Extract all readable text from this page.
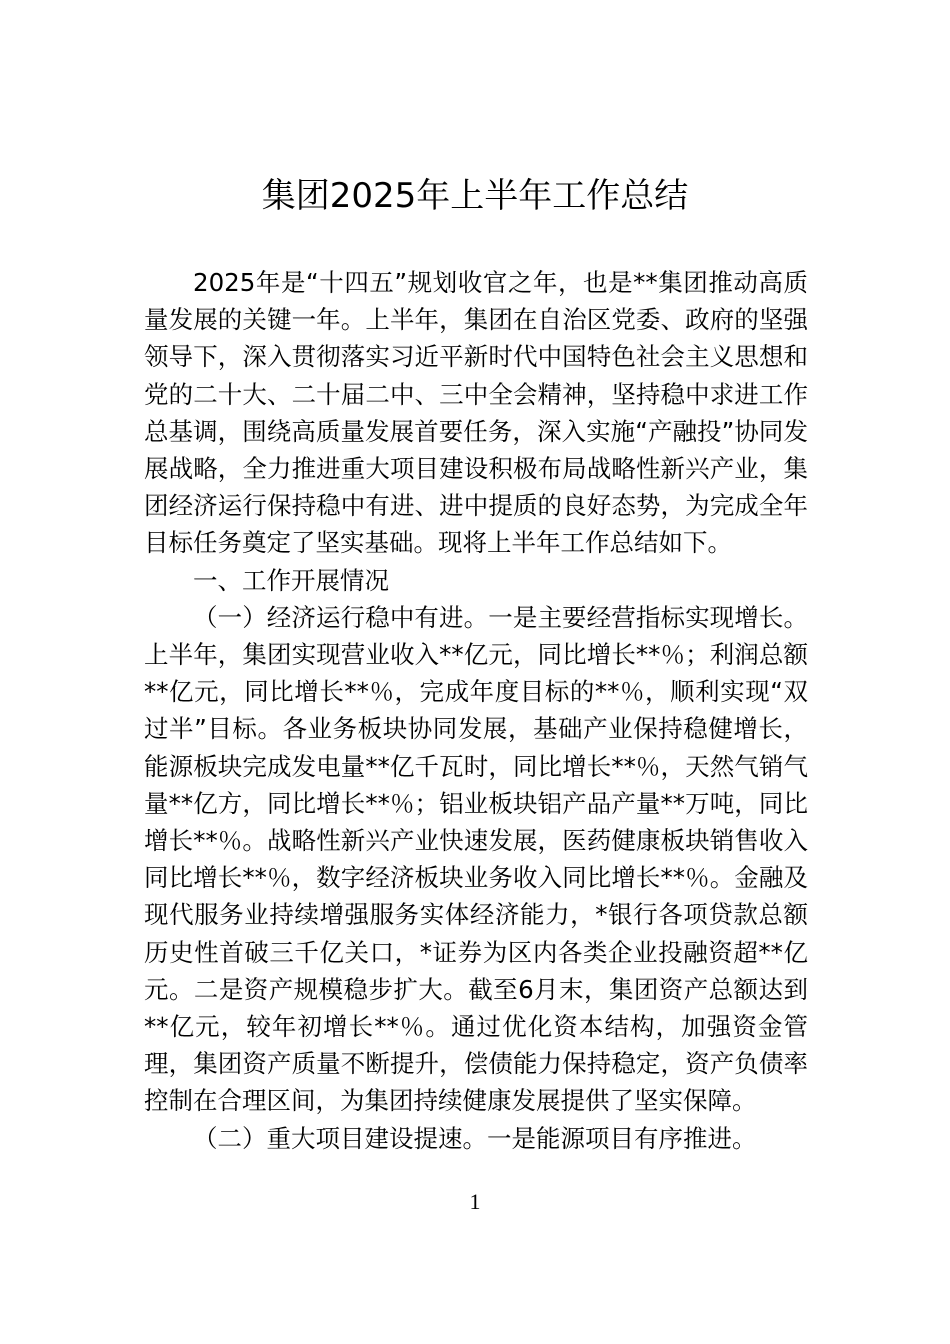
集团2025年上半年工作总结

2025年是“十四五”规划收官之年，也是**集团推动高质量发展的关键一年。上半年，集团在自治区党委、政府的坚强领导下，深入贯彻落实习近平新时代中国特色社会主义思想和党的二十大、二十届二中、三中全会精神，坚持稳中求进工作总基调，围绕高质量发展首要任务，深入实施“产融投”协同发展战略，全力推进重大项目建设积极布局战略性新兴产业，集团经济运行保持稳中有进、进中提质的良好态势，为完成全年目标任务奠定了坚实基础。现将上半年工作总结如下。

一、工作开展情况

（一）经济运行稳中有进。一是主要经营指标实现增长。上半年，集团实现营业收入**亿元，同比增长**％；利润总额**亿元，同比增长**％，完成年度目标的**％，顺利实现“双过半”目标。各业务板块协同发展，基础产业保持稳健增长，能源板块完成发电量**亿千瓦时，同比增长**％，天然气销气量**亿方，同比增长**％；铝业板块铝产品产量**万吨，同比增长**％。战略性新兴产业快速发展，医药健康板块销售收入同比增长**％，数字经济板块业务收入同比增长**％。金融及现代服务业持续增强服务实体经济能力，*银行各项贷款总额历史性首破三千亿关口，*证券为区内各类企业投融资超**亿元。二是资产规模稳步扩大。截至6月末，集团资产总额达到**亿元，较年初增长**％。通过优化资本结构，加强资金管理，集团资产质量不断提升，偿债能力保持稳定，资产负债率控制在合理区间，为集团持续健康发展提供了坚实保障。

（二）重大项目建设提速。一是能源项目有序推进。

1
